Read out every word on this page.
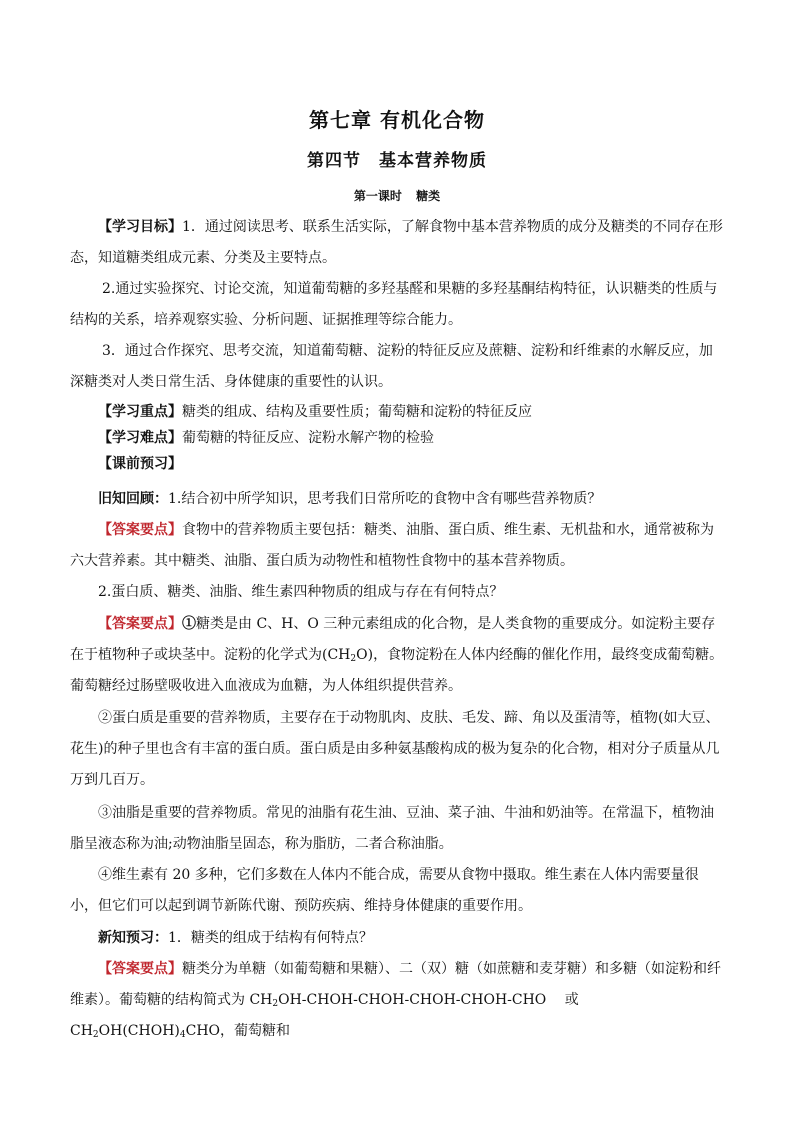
第七章 有机化合物
第四节　基本营养物质
第一课时 糖类

【学习目标】1．通过阅读思考、联系生活实际，了解食物中基本营养物质的成分及糖类的不同存在形态，知道糖类组成元素、分类及主要特点。

2.通过实验探究、讨论交流，知道葡萄糖的多羟基醛和果糖的多羟基酮结构特征，认识糖类的性质与结构的关系，培养观察实验、分析问题、证据推理等综合能力。

3．通过合作探究、思考交流，知道葡萄糖、淀粉的特征反应及蔗糖、淀粉和纤维素的水解反应，加深糖类对人类日常生活、身体健康的重要性的认识。

【学习重点】糖类的组成、结构及重要性质；葡萄糖和淀粉的特征反应

【学习难点】葡萄糖的特征反应、淀粉水解产物的检验

【课前预习】

旧知回顾：1.结合初中所学知识，思考我们日常所吃的食物中含有哪些营养物质？

【答案要点】食物中的营养物质主要包括：糖类、油脂、蛋白质、维生素、无机盐和水，通常被称为六大营养素。其中糖类、油脂、蛋白质为动物性和植物性食物中的基本营养物质。

2.蛋白质、糖类、油脂、维生素四种物质的组成与存在有何特点？

【答案要点】①糖类是由 C、H、O 三种元素组成的化合物，是人类食物的重要成分。如淀粉主要存在于植物种子或块茎中。淀粉的化学式为$(CH_2O)$，食物淀粉在人体内经酶的催化作用，最终变成葡萄糖。葡萄糖经过肠壁吸收进入血液成为血糖，为人体组织提供营养。

②蛋白质是重要的营养物质，主要存在于动物肌肉、皮肤、毛发、蹄、角以及蛋清等，植物(如大豆、花生)的种子里也含有丰富的蛋白质。蛋白质是由多种氨基酸构成的极为复杂的化合物，相对分子质量从几万到几百万。

③油脂是重要的营养物质。常见的油脂有花生油、豆油、菜子油、牛油和奶油等。在常温下，植物油脂呈液态称为油;动物油脂呈固态，称为脂肪，二者合称油脂。

④维生素有 20 多种，它们多数在人体内不能合成，需要从食物中摄取。维生素在人体内需要量很小，但它们可以起到调节新陈代谢、预防疾病、维持身体健康的重要作用。

新知预习：1．糖类的组成于结构有何特点？

【答案要点】糖类分为单糖（如葡萄糖和果糖）、二（双）糖（如蔗糖和麦芽糖）和多糖（如淀粉和纤维素）。葡萄糖的结构简式为 $CH_2OH-CHOH-CHOH-CHOH-CHOH$-CHO　 或 $CH_2OH(CHOH)_4CHO$，葡萄糖和
